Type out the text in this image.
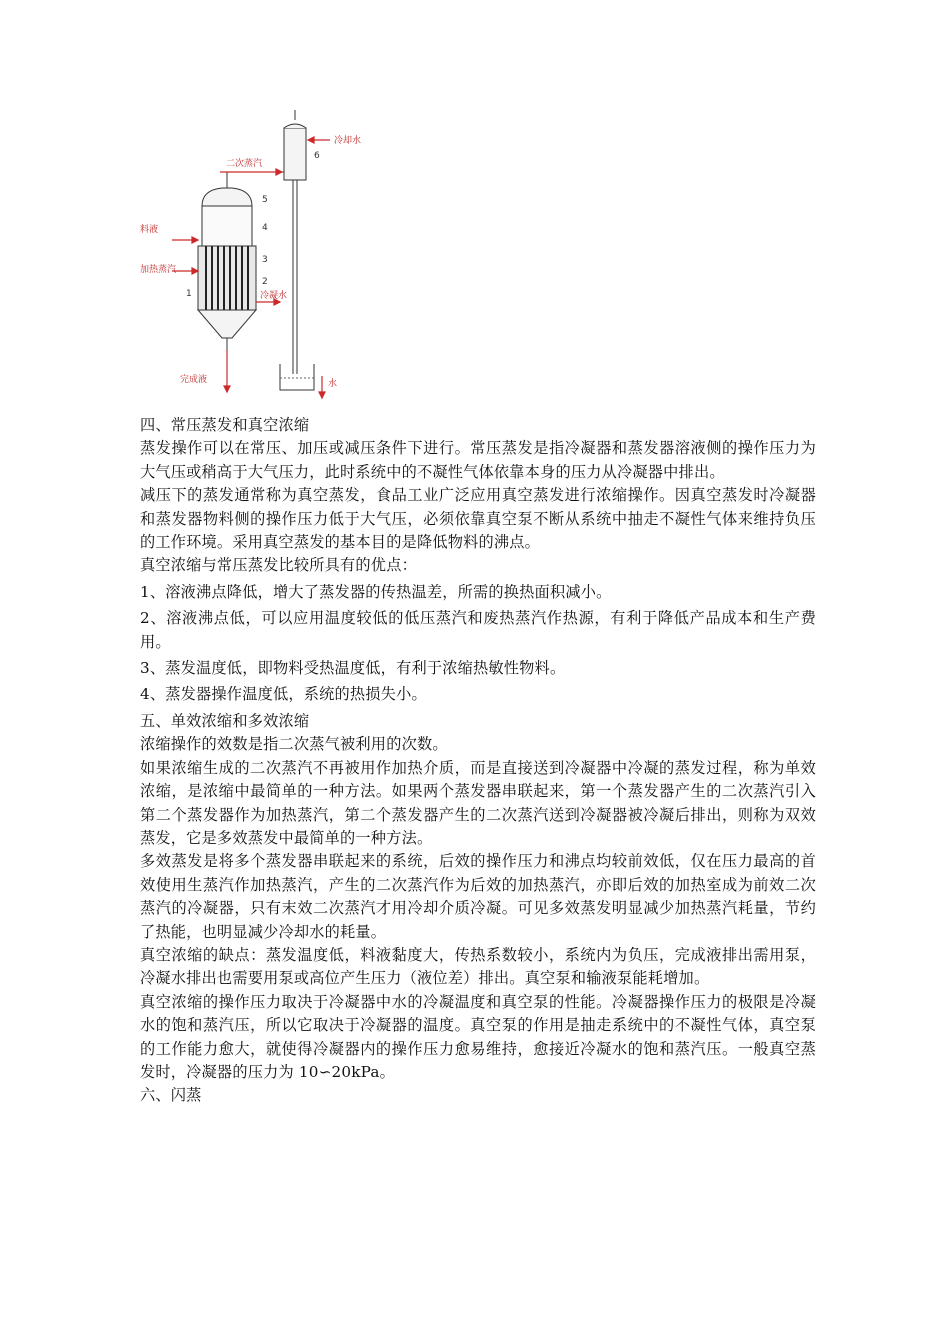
冷却水
二次蒸汽
料液
加热蒸汽
冷凝水
完成液	水
1
2
3
4
5
6

四、常压蒸发和真空浓缩

蒸发操作可以在常压、加压或减压条件下进行。常压蒸发是指冷凝器和蒸发器溶液侧的操作压力为大气压或稍高于大气压力，此时系统中的不凝性气体依靠本身的压力从冷凝器中排出。

减压下的蒸发通常称为真空蒸发，食品工业广泛应用真空蒸发进行浓缩操作。因真空蒸发时冷凝器和蒸发器物料侧的操作压力低于大气压，必须依靠真空泵不断从系统中抽走不凝性气体来维持负压的工作环境。采用真空蒸发的基本目的是降低物料的沸点。

真空浓缩与常压蒸发比较所具有的优点：

1、溶液沸点降低，增大了蒸发器的传热温差，所需的换热面积减小。

2、溶液沸点低，可以应用温度较低的低压蒸汽和废热蒸汽作热源，有利于降低产品成本和生产费用。

3、蒸发温度低，即物料受热温度低，有利于浓缩热敏性物料。

4、蒸发器操作温度低，系统的热损失小。

五、单效浓缩和多效浓缩

浓缩操作的效数是指二次蒸气被利用的次数。

如果浓缩生成的二次蒸汽不再被用作加热介质，而是直接送到冷凝器中冷凝的蒸发过程，称为单效浓缩，是浓缩中最简单的一种方法。如果两个蒸发器串联起来，第一个蒸发器产生的二次蒸汽引入第二个蒸发器作为加热蒸汽，第二个蒸发器产生的二次蒸汽送到冷凝器被冷凝后排出，则称为双效蒸发，它是多效蒸发中最简单的一种方法。

多效蒸发是将多个蒸发器串联起来的系统，后效的操作压力和沸点均较前效低，仅在压力最高的首效使用生蒸汽作加热蒸汽，产生的二次蒸汽作为后效的加热蒸汽，亦即后效的加热室成为前效二次蒸汽的冷凝器，只有末效二次蒸汽才用冷却介质冷凝。可见多效蒸发明显减少加热蒸汽耗量，节约了热能，也明显减少冷却水的耗量。

真空浓缩的缺点：蒸发温度低，料液黏度大，传热系数较小，系统内为负压，完成液排出需用泵，冷凝水排出也需要用泵或高位产生压力（液位差）排出。真空泵和输液泵能耗增加。

真空浓缩的操作压力取决于冷凝器中水的冷凝温度和真空泵的性能。冷凝器操作压力的极限是冷凝水的饱和蒸汽压，所以它取决于冷凝器的温度。真空泵的作用是抽走系统中的不凝性气体，真空泵的工作能力愈大，就使得冷凝器内的操作压力愈易维持，愈接近冷凝水的饱和蒸汽压。一般真空蒸发时，冷凝器的压力为 10∽20kPa。

六、闪蒸
